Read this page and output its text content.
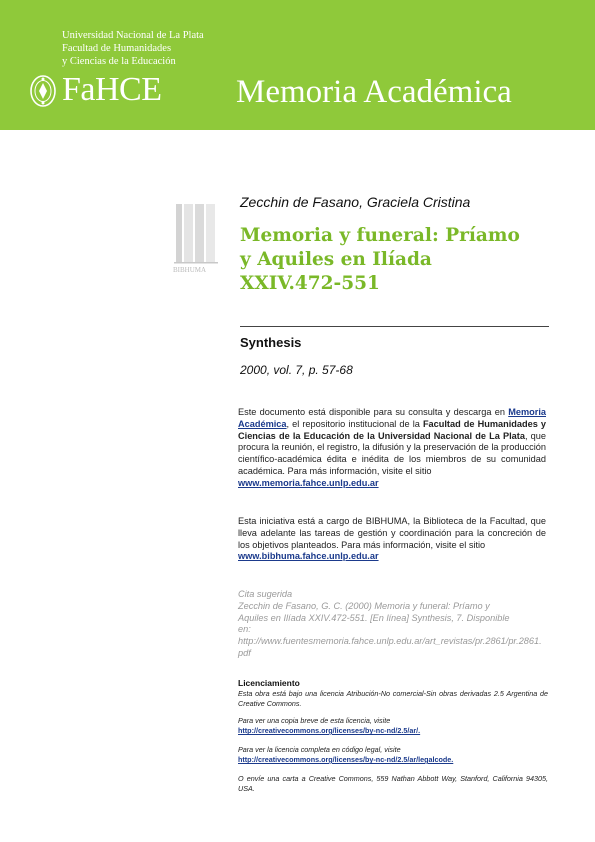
Universidad Nacional de La Plata
Facultad de Humanidades
y Ciencias de la Educación
FaHCE Memoria Académica
BIBHUMA
Zecchin de Fasano, Graciela Cristina
Memoria y funeral: Príamo
y Aquiles en Ilíada
XXIV.472-551
Synthesis
2000, vol. 7, p. 57-68
Este documento está disponible para su consulta y descarga en Memoria Académica, el repositorio institucional de la Facultad de Humanidades y Ciencias de la Educación de la Universidad Nacional de La Plata, que procura la reunión, el registro, la difusión y la preservación de la producción científico-académica édita e inédita de los miembros de su comunidad académica. Para más información, visite el sitio
www.memoria.fahce.unlp.edu.ar
Esta iniciativa está a cargo de BIBHUMA, la Biblioteca de la Facultad, que lleva adelante las tareas de gestión y coordinación para la concreción de los objetivos planteados. Para más información, visite el sitio
www.bibhuma.fahce.unlp.edu.ar
Cita sugerida
Zecchin de Fasano, G. C. (2000) Memoria y funeral: Príamo y
Aquiles en Ilíada XXIV.472-551. [En línea] Synthesis, 7. Disponible
en:
http://www.fuentesmemoria.fahce.unlp.edu.ar/art_revistas/pr.2861/pr.2861.pdf
Licenciamiento
Esta obra está bajo una licencia Atribución-No comercial-Sin obras derivadas 2.5 Argentina de Creative Commons.
Para ver una copia breve de esta licencia, visite
http://creativecommons.org/licenses/by-nc-nd/2.5/ar/.
Para ver la licencia completa en código legal, visite
http://creativecommons.org/licenses/by-nc-nd/2.5/ar/legalcode.
O envíe una carta a Creative Commons, 559 Nathan Abbott Way, Stanford, California 94305, USA.
